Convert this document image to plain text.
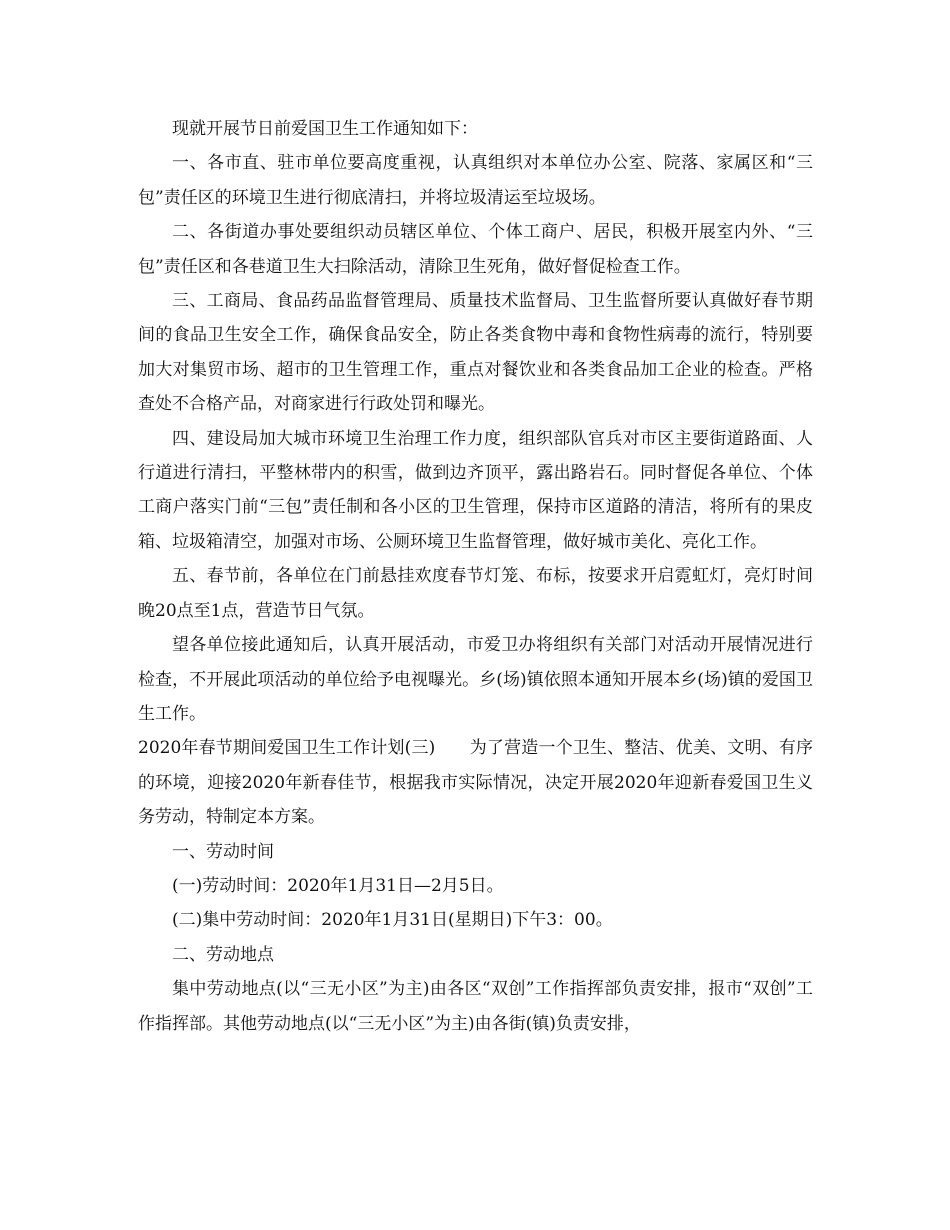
现就开展节日前爱国卫生工作通知如下：

一、各市直、驻市单位要高度重视，认真组织对本单位办公室、院落、家属区和“三包”责任区的环境卫生进行彻底清扫，并将垃圾清运至垃圾场。

二、各街道办事处要组织动员辖区单位、个体工商户、居民，积极开展室内外、“三包”责任区和各巷道卫生大扫除活动，清除卫生死角，做好督促检查工作。

三、工商局、食品药品监督管理局、质量技术监督局、卫生监督所要认真做好春节期间的食品卫生安全工作，确保食品安全，防止各类食物中毒和食物性病毒的流行，特别要加大对集贸市场、超市的卫生管理工作，重点对餐饮业和各类食品加工企业的检查。严格查处不合格产品，对商家进行行政处罚和曝光。

四、建设局加大城市环境卫生治理工作力度，组织部队官兵对市区主要街道路面、人行道进行清扫，平整林带内的积雪，做到边齐顶平，露出路岩石。同时督促各单位、个体工商户落实门前“三包”责任制和各小区的卫生管理，保持市区道路的清洁，将所有的果皮箱、垃圾箱清空，加强对市场、公厕环境卫生监督管理，做好城市美化、亮化工作。

五、春节前，各单位在门前悬挂欢度春节灯笼、布标，按要求开启霓虹灯，亮灯时间晚20点至1点，营造节日气氛。

望各单位接此通知后，认真开展活动，市爱卫办将组织有关部门对活动开展情况进行检查，不开展此项活动的单位给予电视曝光。乡(场)镇依照本通知开展本乡(场)镇的爱国卫生工作。

2020年春节期间爱国卫生工作计划(三)　　为了营造一个卫生、整洁、优美、文明、有序的环境，迎接2020年新春佳节，根据我市实际情况，决定开展2020年迎新春爱国卫生义务劳动，特制定本方案。

一、劳动时间

(一)劳动时间：2020年1月31日—2月5日。

(二)集中劳动时间：2020年1月31日(星期日)下午3：00。

二、劳动地点

集中劳动地点(以“三无小区”为主)由各区“双创”工作指挥部负责安排，报市“双创”工作指挥部。其他劳动地点(以“三无小区”为主)由各街(镇)负责安排，
